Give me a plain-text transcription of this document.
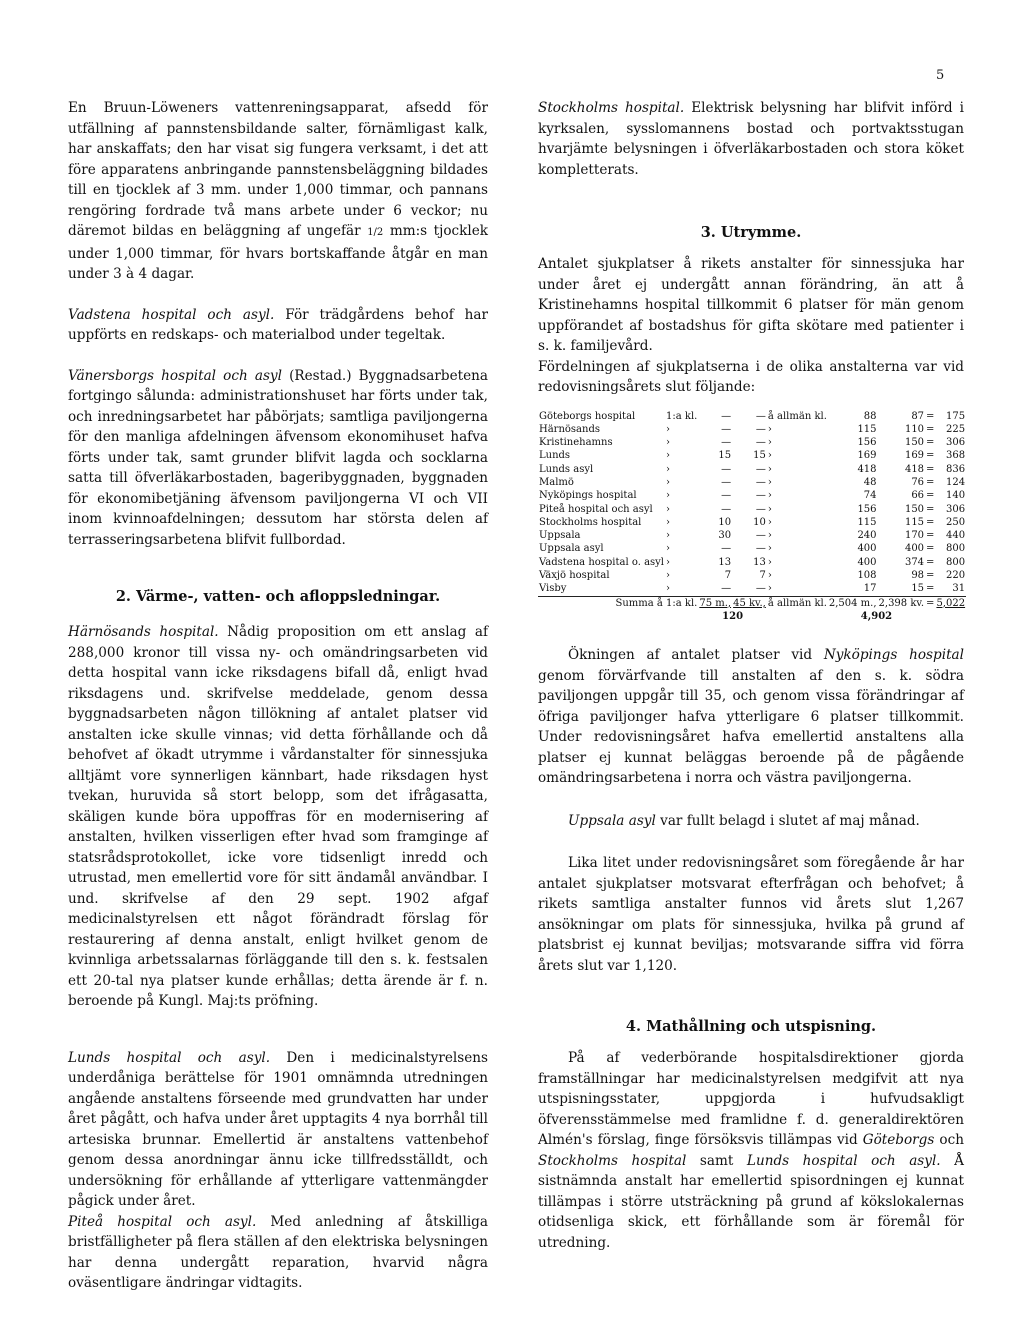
5

En Bruun-Löweners vattenreningsapparat, afsedd för utfällning af pannstensbildande salter, förnämligast kalk, har anskaffats; den har visat sig fungera verksamt, i det att före apparatens anbringande pannstensbeläggning bildades till en tjocklek af 3 mm. under 1,000 timmar, och pannans rengöring fordrade två mans arbete under 6 veckor; nu däremot bildas en beläggning af ungefär 1/2 mm:s tjocklek under 1,000 timmar, för hvars bortskaffande åtgår en man under 3 à 4 dagar.

Vadstena hospital och asyl. För trädgårdens behof har uppförts en redskaps- och materialbod under tegeltak.

Vänersborgs hospital och asyl (Restad.) Byggnadsarbetena fortgingo sålunda: administrationshuset har förts under tak, och inredningsarbetet har påbörjats; samtliga paviljongerna för den manliga afdelningen äfvensom ekonomihuset hafva förts under tak, samt grunder blifvit lagda och socklarna satta till öfverläkarbostaden, bageribyggnaden, byggnaden för ekonomibetjäning äfvensom paviljongerna VI och VII inom kvinnoafdelningen; dessutom har största delen af terrasseringsarbetena blifvit fullbordad.

2. Värme-, vatten- och afloppsledningar.

Härnösands hospital. Nådig proposition om ett anslag af 288,000 kronor till vissa ny- och omändringsarbeten vid detta hospital vann icke riksdagens bifall då, enligt hvad riksdagens und. skrifvelse meddelade, genom dessa byggnadsarbeten någon tillökning af antalet platser vid anstalten icke skulle vinnas; vid detta förhållande och då behofvet af ökadt utrymme i vårdanstalter för sinnessjuka alltjämt vore synnerligen kännbart, hade riksdagen hyst tvekan, huruvida så stort belopp, som det ifrågasatta, skäligen kunde böra uppoffras för en modernisering af anstalten, hvilken visserligen efter hvad som framginge af statsrådsprotokollet, icke vore tidsenligt inredd och utrustad, men emellertid vore för sitt ändamål användbar. I und. skrifvelse af den 29 sept. 1902 afgaf medicinalstyrelsen ett något förändradt förslag för restaurering af denna anstalt, enligt hvilket genom de kvinnliga arbetssalarnas förläggande till den s. k. festsalen ett 20-tal nya platser kunde erhållas; detta ärende är f. n. beroende på Kungl. Maj:ts pröfning.

Lunds hospital och asyl. Den i medicinalstyrelsens underdåniga berättelse för 1901 omnämnda utredningen angående anstaltens förseende med grundvatten har under året pågått, och hafva under året upptagits 4 nya borrhål till artesiska brunnar. Emellertid är anstaltens vattenbehof genom dessa anordningar ännu icke tillfredsställdt, och undersökning för erhållande af ytterligare vattenmängder pågick under året.

Piteå hospital och asyl. Med anledning af åtskilliga bristfälligheter på flera ställen af den elektriska belysningen har denna undergått reparation, hvarvid några oväsentligare ändringar vidtagits.

Stockholms hospital. Elektrisk belysning har blifvit införd i kyrksalen, sysslomannens bostad och portvaktsstugan hvarjämte belysningen i öfverläkarbostaden och stora köket kompletterats.

3. Utrymme.

Antalet sjukplatser å rikets anstalter för sinnessjuka har under året ej undergått annan förändring, än att å Kristinehamns hospital tillkommit 6 platser för män genom uppförandet af bostadshus för gifta skötare med patienter i s. k. familjevård.

Fördelningen af sjukplatserna i de olika anstalterna var vid redovisningsårets slut följande:

Göteborgs hospital	1:a kl.	—	—	å allmän kl.	88	87	=	175
Härnösands	›	—	—	›	115	110	=	225
Kristinehamns	›	—	—	›	156	150	=	306
Lunds	›	15	15	›	169	169	=	368
Lunds asyl	›	—	—	›	418	418	=	836
Malmö	›	—	—	›	48	76	=	124
Nyköpings hospital	›	—	—	›	74	66	=	140
Piteå hospital och asyl	›	—	—	›	156	150	=	306
Stockholms hospital	›	10	10	›	115	115	=	250
Uppsala	›	30	—	›	240	170	=	440
Uppsala asyl	›	—	—	›	400	400	=	800
Vadstena hospital o. asyl	›	13	13	›	400	374	=	800
Växjö hospital	›	7	7	›	108	98	=	220
Visby	›	—	—	›	17	15	=	31
Summa å 1:a kl.		75 m.,	45 kv.,	å allmän kl.	2,504 m.,	2,398 kv.	=	5,022
		120			4,902			

Ökningen af antalet platser vid Nyköpings hospital genom förvärfvande till anstalten af den s. k. södra paviljongen uppgår till 35, och genom vissa förändringar af öfriga paviljonger hafva ytterligare 6 platser tillkommit. Under redovisningsåret hafva emellertid anstaltens alla platser ej kunnat beläggas beroende på de pågående omändringsarbetena i norra och västra paviljongerna.

Uppsala asyl var fullt belagd i slutet af maj månad.

Lika litet under redovisningsåret som föregående år har antalet sjukplatser motsvarat efterfrågan och behofvet; å rikets samtliga anstalter funnos vid årets slut 1,267 ansökningar om plats för sinnessjuka, hvilka på grund af platsbrist ej kunnat beviljas; motsvarande siffra vid förra årets slut var 1,120.

4. Mathållning och utspisning.

På af vederbörande hospitalsdirektioner gjorda framställningar har medicinalstyrelsen medgifvit att nya utspisningsstater, uppgjorda i hufvudsakligt öfverensstämmelse med framlidne f. d. generaldirektören Almén's förslag, finge försöksvis tillämpas vid Göteborgs och Stockholms hospital samt Lunds hospital och asyl. Å sistnämnda anstalt har emellertid spisordningen ej kunnat tillämpas i större utsträckning på grund af kökslokalernas otidsenliga skick, ett förhållande som är föremål för utredning.
